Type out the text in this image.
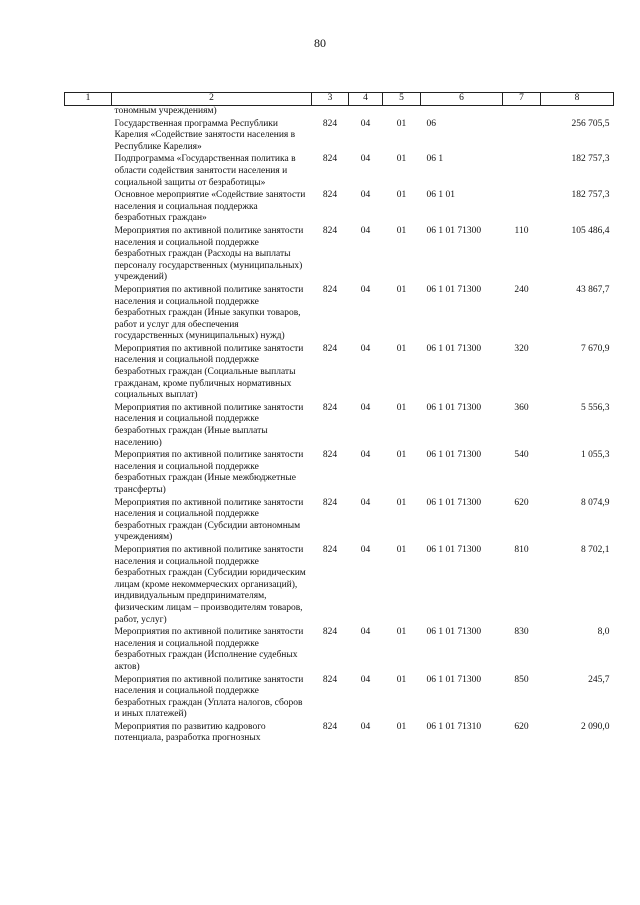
80
1	2	3	4	5	6	7	8
	тономным учреждениям)						
	Государственная программа Республики Карелия «Содействие занятости населения в Республике Карелия»	824	04	01	06		256 705,5
	Подпрограмма «Государственная политика в области содействия занятости населения и социальной защиты от безработицы»	824	04	01	06 1		182 757,3
	Основное мероприятие «Содействие занятости населения и социальная поддержка безработных граждан»	824	04	01	06 1 01		182 757,3
	Мероприятия по активной политике занятости населения и социальной поддержке безработных граждан (Расходы на выплаты персоналу государственных (муниципальных) учреждений)	824	04	01	06 1 01 71300	110	105 486,4
	Мероприятия по активной политике занятости населения и социальной поддержке безработных граждан (Иные закупки товаров, работ и услуг для обеспечения государственных (муниципальных) нужд)	824	04	01	06 1 01 71300	240	43 867,7
	Мероприятия по активной политике занятости населения и социальной поддержке безработных граждан (Социальные выплаты гражданам, кроме публичных нормативных социальных выплат)	824	04	01	06 1 01 71300	320	7 670,9
	Мероприятия по активной политике занятости населения и социальной поддержке безработных граждан (Иные выплаты населению)	824	04	01	06 1 01 71300	360	5 556,3
	Мероприятия по активной политике занятости населения и социальной поддержке безработных граждан (Иные межбюджетные трансферты)	824	04	01	06 1 01 71300	540	1 055,3
	Мероприятия по активной политике занятости населения и социальной поддержке безработных граждан (Субсидии автономным учреждениям)	824	04	01	06 1 01 71300	620	8 074,9
	Мероприятия по активной политике занятости населения и социальной поддержке безработных граждан (Субсидии юридическим лицам (кроме некоммерческих организаций), индивидуальным предпринимателям, физическим лицам – производителям товаров, работ, услуг)	824	04	01	06 1 01 71300	810	8 702,1
	Мероприятия по активной политике занятости населения и социальной поддержке безработных граждан (Исполнение судебных актов)	824	04	01	06 1 01 71300	830	8,0
	Мероприятия по активной политике занятости населения и социальной поддержке безработных граждан (Уплата налогов, сборов и иных платежей)	824	04	01	06 1 01 71300	850	245,7
	Мероприятия по развитию кадрового потенциала, разработка прогнозных	824	04	01	06 1 01 71310	620	2 090,0
